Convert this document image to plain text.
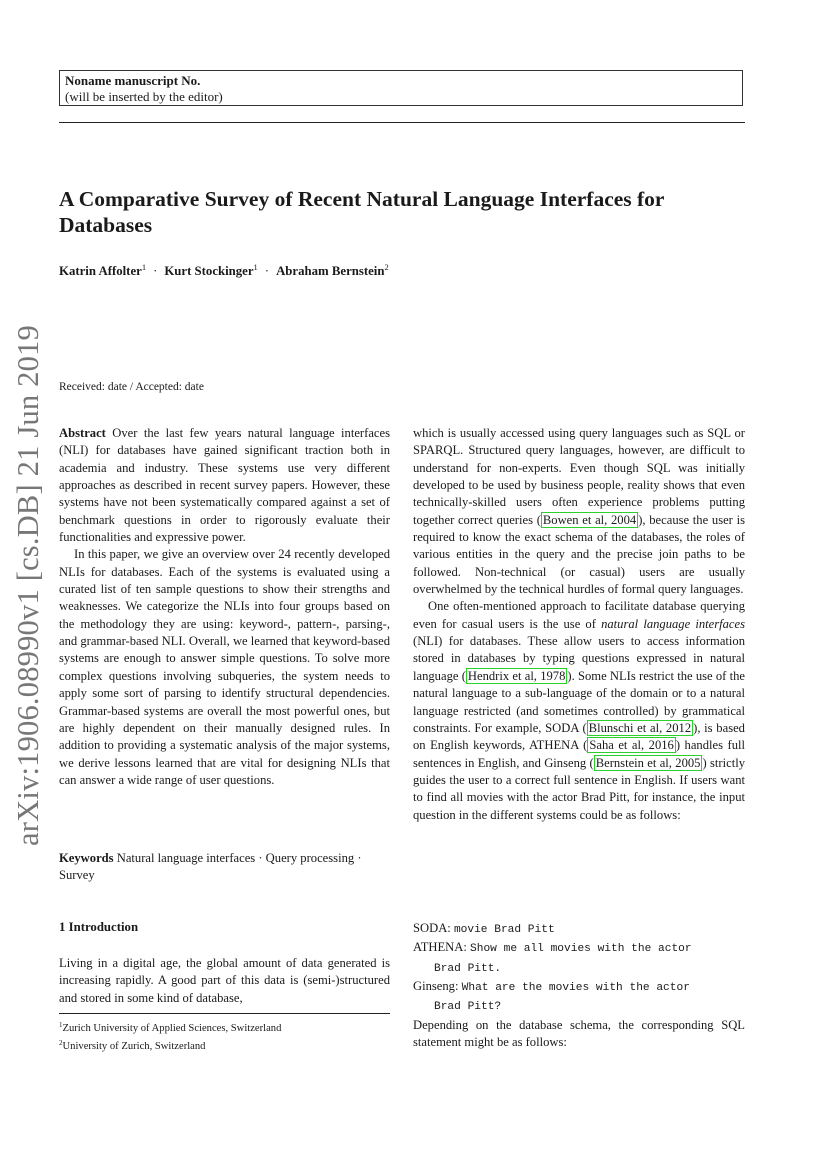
Noname manuscript No.
(will be inserted by the editor)
arXiv:1906.08990v1 [cs.DB] 21 Jun 2019
A Comparative Survey of Recent Natural Language Interfaces for Databases
Katrin Affolter$^1$ · Kurt Stockinger$^1$ · Abraham Bernstein$^2$
Received: date / Accepted: date

Abstract Over the last few years natural language interfaces (NLI) for databases have gained significant traction both in academia and industry. These systems use very different approaches as described in recent survey papers. However, these systems have not been systematically compared against a set of benchmark questions in order to rigorously evaluate their functionalities and expressive power.

In this paper, we give an overview over 24 recently developed NLIs for databases. Each of the systems is evaluated using a curated list of ten sample questions to show their strengths and weaknesses. We categorize the NLIs into four groups based on the methodology they are using: keyword-, pattern-, parsing-, and grammar-based NLI. Overall, we learned that keyword-based systems are enough to answer simple questions. To solve more complex questions involving subqueries, the system needs to apply some sort of parsing to identify structural dependencies. Grammar-based systems are overall the most powerful ones, but are highly dependent on their manually designed rules. In addition to providing a systematic analysis of the major systems, we derive lessons learned that are vital for designing NLIs that can answer a wide range of user questions.

Keywords Natural language interfaces · Query processing · Survey
1 Introduction
Living in a digital age, the global amount of data generated is increasing rapidly. A good part of this data is (semi-)structured and stored in some kind of database,
$^1$Zurich University of Applied Sciences, Switzerland
$^2$University of Zurich, Switzerland

which is usually accessed using query languages such as SQL or SPARQL. Structured query languages, however, are difficult to understand for non-experts. Even though SQL was initially developed to be used by business people, reality shows that even technically-skilled users often experience problems putting together correct queries ( Bowen et al, 2004 ), because the user is required to know the exact schema of the databases, the roles of various entities in the query and the precise join paths to be followed. Non-technical (or casual) users are usually overwhelmed by the technical hurdles of formal query languages.

One often-mentioned approach to facilitate database querying even for casual users is the use of natural language interfaces (NLI) for databases. These allow users to access information stored in databases by typing questions expressed in natural language ( Hendrix et al, 1978 ). Some NLIs restrict the use of the natural language to a sub-language of the domain or to a natural language restricted (and sometimes controlled) by grammatical constraints. For example, SODA ( Blunschi et al, 2012 ), is based on English keywords, ATHENA ( Saha et al, 2016 ) handles full sentences in English, and Ginseng ( Bernstein et al, 2005 ) strictly guides the user to a correct full sentence in English. If users want to find all movies with the actor Brad Pitt, for instance, the input question in the different systems could be as follows:

SODA: movie Brad Pitt
ATHENA: Show me all movies with the actor
Brad Pitt.
Ginseng: What are the movies with the actor
Brad Pitt?
Depending on the database schema, the corresponding SQL statement might be as follows:
